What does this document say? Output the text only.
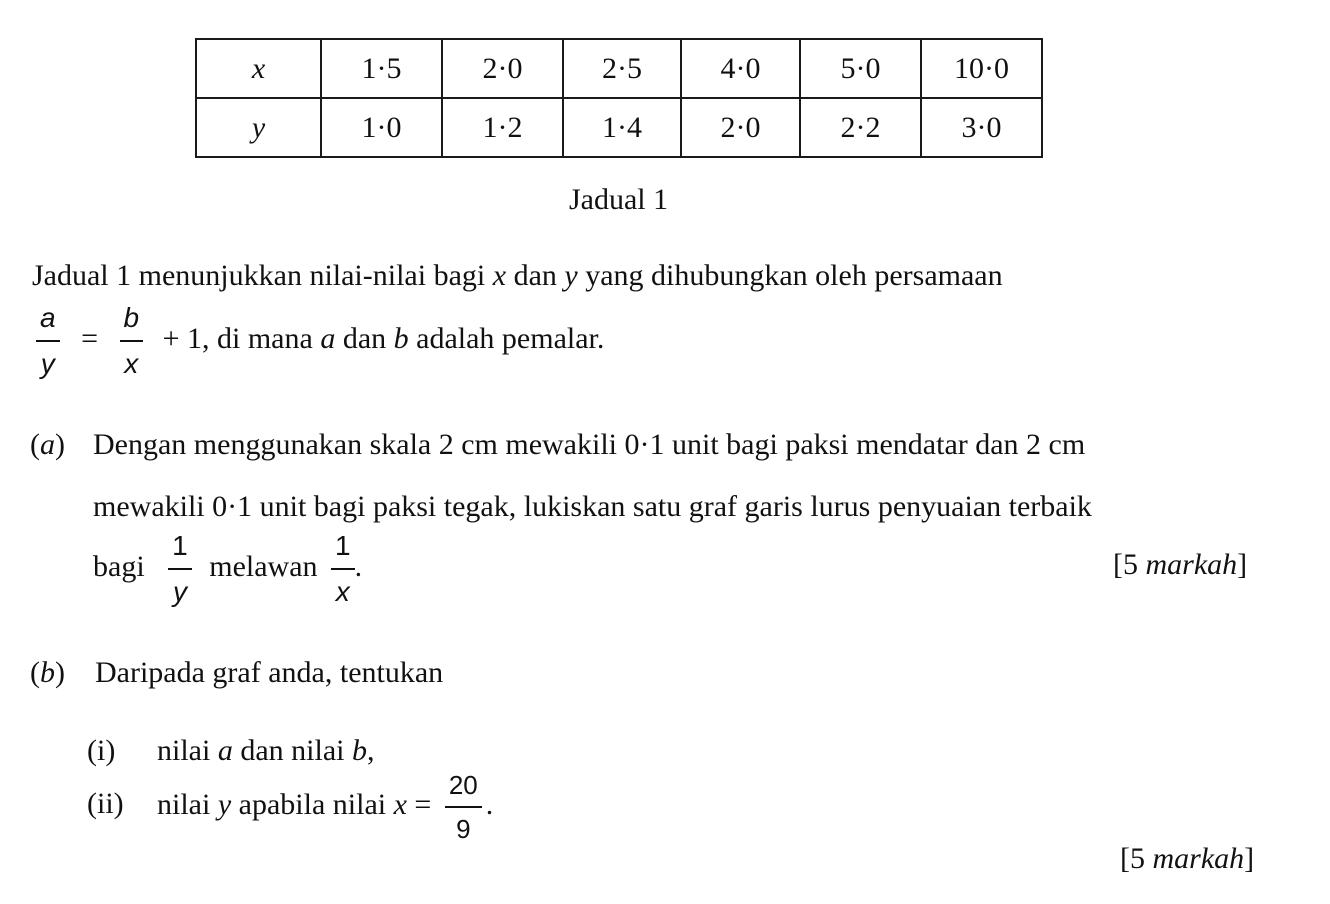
x	1·5	2·0	2·5	4·0	5·0	10·0
y	1·0	1·2	1·4	2·0	2·2	3·0
Jadual 1
Jadual 1 menunjukkan nilai-nilai bagi x dan y yang dihubungkan oleh persamaan
$\frac{a}{y} = \frac{b}{x} + 1$, di mana a dan b adalah pemalar.
(a) Dengan menggunakan skala 2 cm mewakili 0·1 unit bagi paksi mendatar dan 2 cm
mewakili 0·1 unit bagi paksi tegak, lukiskan satu graf garis lurus penyuaian terbaik
bagi $\frac{1}{y}$ melawan $\frac{1}{x}$ .	[5 markah]
(b) Daripada graf anda, tentukan
(i) nilai a dan nilai b,
(ii) nilai y apabila nilai $x = \frac{20}{9}$ .
[5 markah]
